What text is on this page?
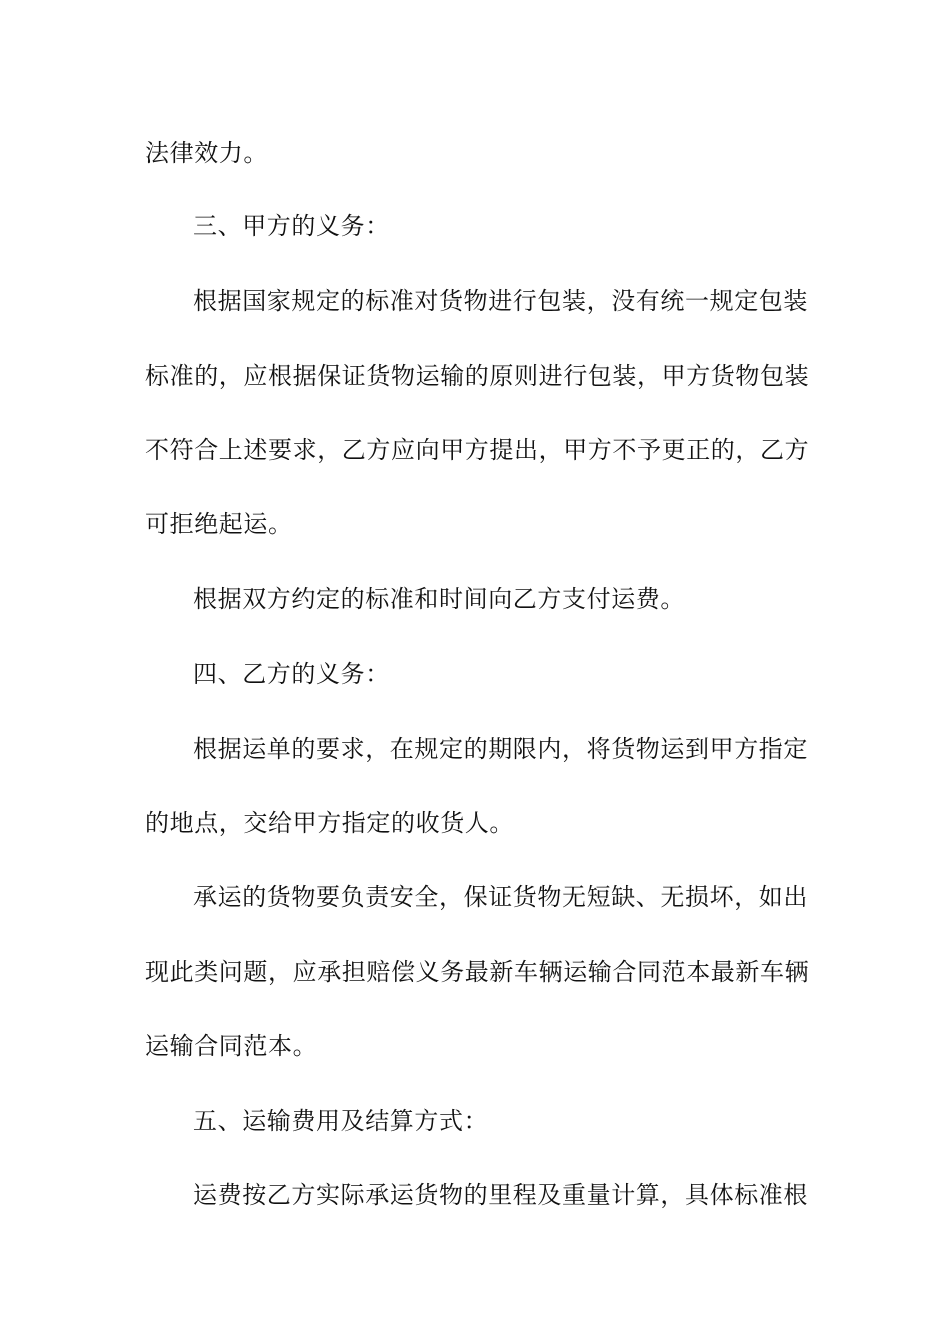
法律效力。
三、甲方的义务：
根据国家规定的标准对货物进行包装，没有统一规定包装
标准的，应根据保证货物运输的原则进行包装，甲方货物包装
不符合上述要求，乙方应向甲方提出，甲方不予更正的，乙方
可拒绝起运。
根据双方约定的标准和时间向乙方支付运费。
四、乙方的义务：
根据运单的要求，在规定的期限内，将货物运到甲方指定
的地点，交给甲方指定的收货人。
承运的货物要负责安全，保证货物无短缺、无损坏，如出
现此类问题，应承担赔偿义务最新车辆运输合同范本最新车辆
运输合同范本。
五、运输费用及结算方式：
运费按乙方实际承运货物的里程及重量计算，具体标准根
